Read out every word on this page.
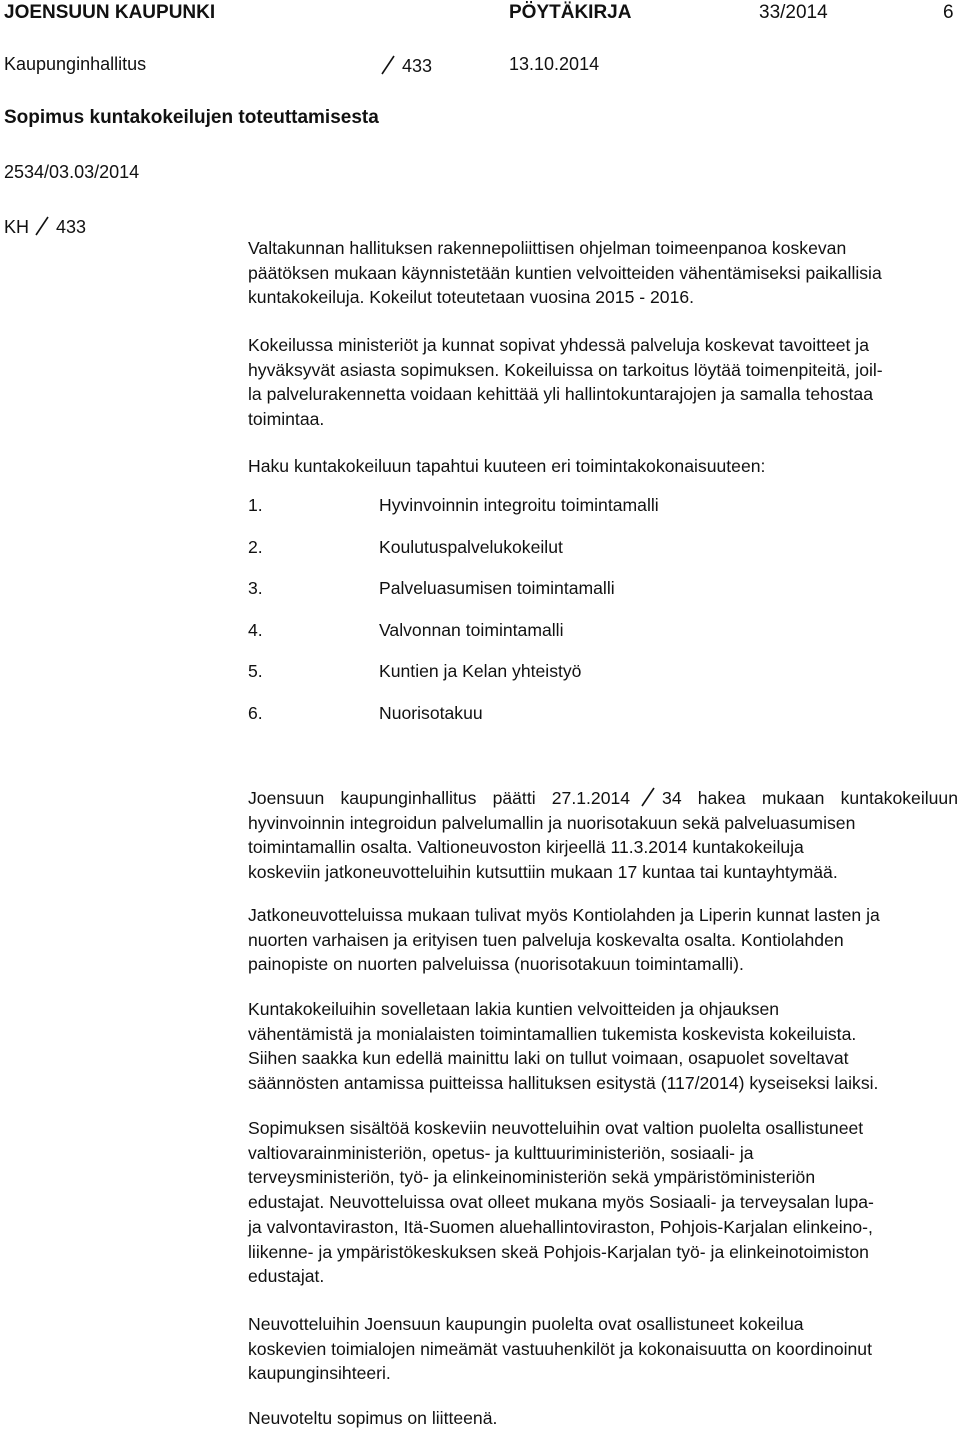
JOENSUUN KAUPUNKI	PÖYTÄKIRJA	33/2014	6
Kaupunginhallitus	433	13.10.2014
Sopimus kuntakokeilujen toteuttamisesta
2534/03.03/2014
KH 433
Valtakunnan hallituksen rakennepoliittisen ohjelman toimeenpanoa koskevan
päätöksen mukaan käynnistetään kuntien velvoitteiden vähentämiseksi paikallisia
kuntakokeiluja. Kokeilut toteutetaan vuosina 2015 - 2016.
Kokeilussa ministeriöt ja kunnat sopivat yhdessä palveluja koskevat tavoitteet ja
hyväksyvät asiasta sopimuksen. Kokeiluissa on tarkoitus löytää toimenpiteitä, joil-
la palvelurakennetta voidaan kehittää yli hallintokuntarajojen ja samalla tehostaa
toimintaa.
Haku kuntakokeiluun tapahtui kuuteen eri toimintakokonaisuuteen:
1.	Hyvinvoinnin integroitu toimintamalli
2.	Koulutuspalvelukokeilut
3.	Palveluasumisen toimintamalli
4.	Valvonnan toimintamalli
5.	Kuntien ja Kelan yhteistyö
6.	Nuorisotakuu
Joensuun kaupunginhallitus päätti 27.1.2014 34 hakea mukaan kuntakokeiluun
hyvinvoinnin integroidun palvelumallin ja nuorisotakuun sekä palveluasumisen
toimintamallin osalta. Valtioneuvoston kirjeellä 11.3.2014 kuntakokeiluja
koskeviin jatkoneuvotteluihin kutsuttiin mukaan 17 kuntaa tai kuntayhtymää.
Jatkoneuvotteluissa mukaan tulivat myös Kontiolahden ja Liperin kunnat lasten ja
nuorten varhaisen ja erityisen tuen palveluja koskevalta osalta. Kontiolahden
painopiste on nuorten palveluissa (nuorisotakuun toimintamalli).
Kuntakokeiluihin sovelletaan lakia kuntien velvoitteiden ja ohjauksen
vähentämistä ja monialaisten toimintamallien tukemista koskevista kokeiluista.
Siihen saakka kun edellä mainittu laki on tullut voimaan, osapuolet soveltavat
säännösten antamissa puitteissa hallituksen esitystä (117/2014) kyseiseksi laiksi.
Sopimuksen sisältöä koskeviin neuvotteluihin ovat valtion puolelta osallistuneet
valtiovarainministeriön, opetus- ja kulttuuriministeriön, sosiaali- ja
terveysministeriön, työ- ja elinkeinoministeriön sekä ympäristöministeriön
edustajat. Neuvotteluissa ovat olleet mukana myös Sosiaali- ja terveysalan lupa-
ja valvontaviraston, Itä-Suomen aluehallintoviraston, Pohjois-Karjalan elinkeino-,
liikenne- ja ympäristökeskuksen skeä Pohjois-Karjalan työ- ja elinkeinotoimiston
edustajat.
Neuvotteluihin Joensuun kaupungin puolelta ovat osallistuneet kokeilua
koskevien toimialojen nimeämät vastuuhenkilöt ja kokonaisuutta on koordinoinut
kaupunginsihteeri.
Neuvoteltu sopimus on liitteenä.
